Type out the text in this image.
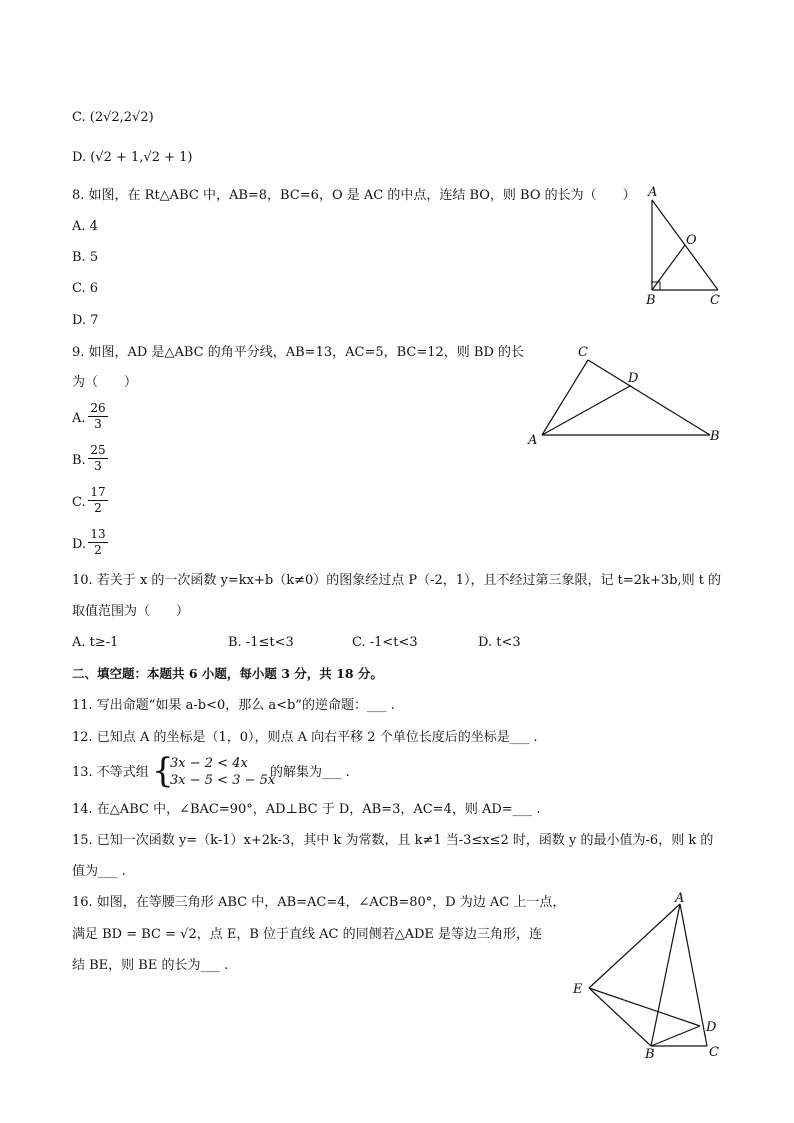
C. (2√2,2√2)
D. (√2 + 1,√2 + 1)
8. 如图，在 Rt△ABC 中，AB=8，BC=6，O 是 AC 的中点，连结 BO，则 BO 的长为（　　）
A. 4
B. 5
C. 6
D. 7
A
O
B	C
9. 如图，AD 是△ABC 的角平分线，AB=13，AC=5，BC=12，则 BD 的长
为（　　）
A.
26
3
B.
25
3
C.
17
2
D.
13
2
C
D
A	B
10. 若关于 x 的一次函数 y=kx+b（k≠0）的图象经过点 P（-2，1），且不经过第三象限，记 t=2k+3b,则 t 的
取值范围为（　　）
A. t≥-1	B. -1≤t<3	C. -1<t<3	D. t<3
二、填空题：本题共 6 小题，每小题 3 分，共 18 分。
11. 写出命题“如果 a-b<0，那么 a<b”的逆命题：___ .
12. 已知点 A 的坐标是（1，0），则点 A 向右平移 2 个单位长度后的坐标是___ .
13. 不等式组 {
3x − 2 < 4x
3x − 5 < 3 − 5x
的解集为___ .
14. 在△ABC 中，∠BAC=90°，AD⊥BC 于 D，AB=3，AC=4，则 AD=___ .
15. 已知一次函数 y=（k-1）x+2k-3，其中 k 为常数，且 k≠1 当-3≤x≤2 时，函数 y 的最小值为-6，则 k 的
值为___ .
16. 如图，在等腰三角形 ABC 中，AB=AC=4，∠ACB=80°，D 为边 AC 上一点，
满足 BD = BC = √2，点 E，B 位于直线 AC 的同侧若△ADE 是等边三角形，连
结 BE，则 BE 的长为___ .
A
E
D
B	C
